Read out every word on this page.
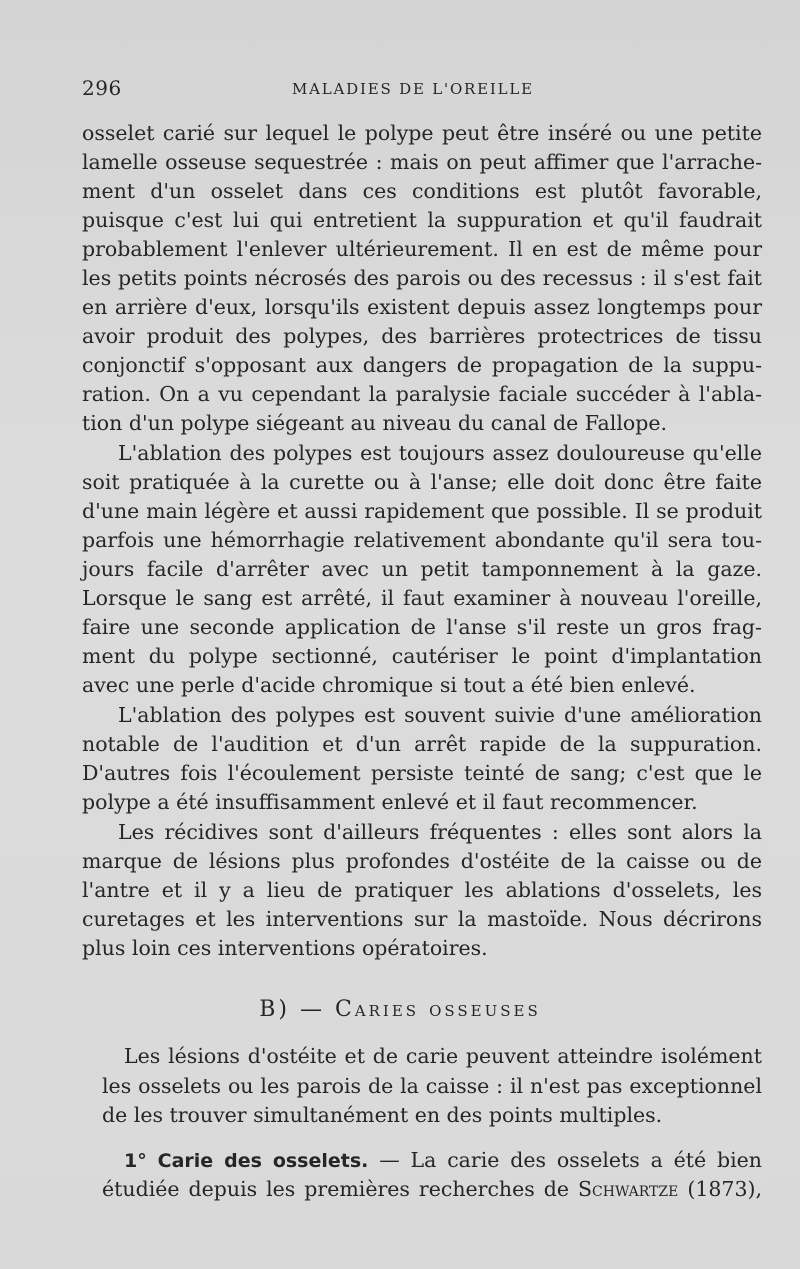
296	MALADIES DE L'OREILLE
osselet carié sur lequel le polype peut être inséré ou une petite
lamelle osseuse sequestrée : mais on peut affimer que l'arrache-
ment d'un osselet dans ces conditions est plutôt favorable,
puisque c'est lui qui entretient la suppuration et qu'il faudrait
probablement l'enlever ultérieurement. Il en est de même pour
les petits points nécrosés des parois ou des recessus : il s'est fait
en arrière d'eux, lorsqu'ils existent depuis assez longtemps pour
avoir produit des polypes, des barrières protectrices de tissu
conjonctif s'opposant aux dangers de propagation de la suppu-
ration. On a vu cependant la paralysie faciale succéder à l'abla-
tion d'un polype siégeant au niveau du canal de Fallope.
L'ablation des polypes est toujours assez douloureuse qu'elle
soit pratiquée à la curette ou à l'anse; elle doit donc être faite
d'une main légère et aussi rapidement que possible. Il se produit
parfois une hémorrhagie relativement abondante qu'il sera tou-
jours facile d'arrêter avec un petit tamponnement à la gaze.
Lorsque le sang est arrêté, il faut examiner à nouveau l'oreille,
faire une seconde application de l'anse s'il reste un gros frag-
ment du polype sectionné, cautériser le point d'implantation
avec une perle d'acide chromique si tout a été bien enlevé.
L'ablation des polypes est souvent suivie d'une amélioration
notable de l'audition et d'un arrêt rapide de la suppuration.
D'autres fois l'écoulement persiste teinté de sang; c'est que le
polype a été insuffisamment enlevé et il faut recommencer.
Les récidives sont d'ailleurs fréquentes : elles sont alors la
marque de lésions plus profondes d'ostéite de la caisse ou de
l'antre et il y a lieu de pratiquer les ablations d'osselets, les
curetages et les interventions sur la mastoïde. Nous décrirons
plus loin ces interventions opératoires.
B) — Caries osseuses
Les lésions d'ostéite et de carie peuvent atteindre isolément
les osselets ou les parois de la caisse : il n'est pas exceptionnel
de les trouver simultanément en des points multiples.
1° Carie des osselets. — La carie des osselets a été bien
étudiée depuis les premières recherches de Schwartze (1873),
